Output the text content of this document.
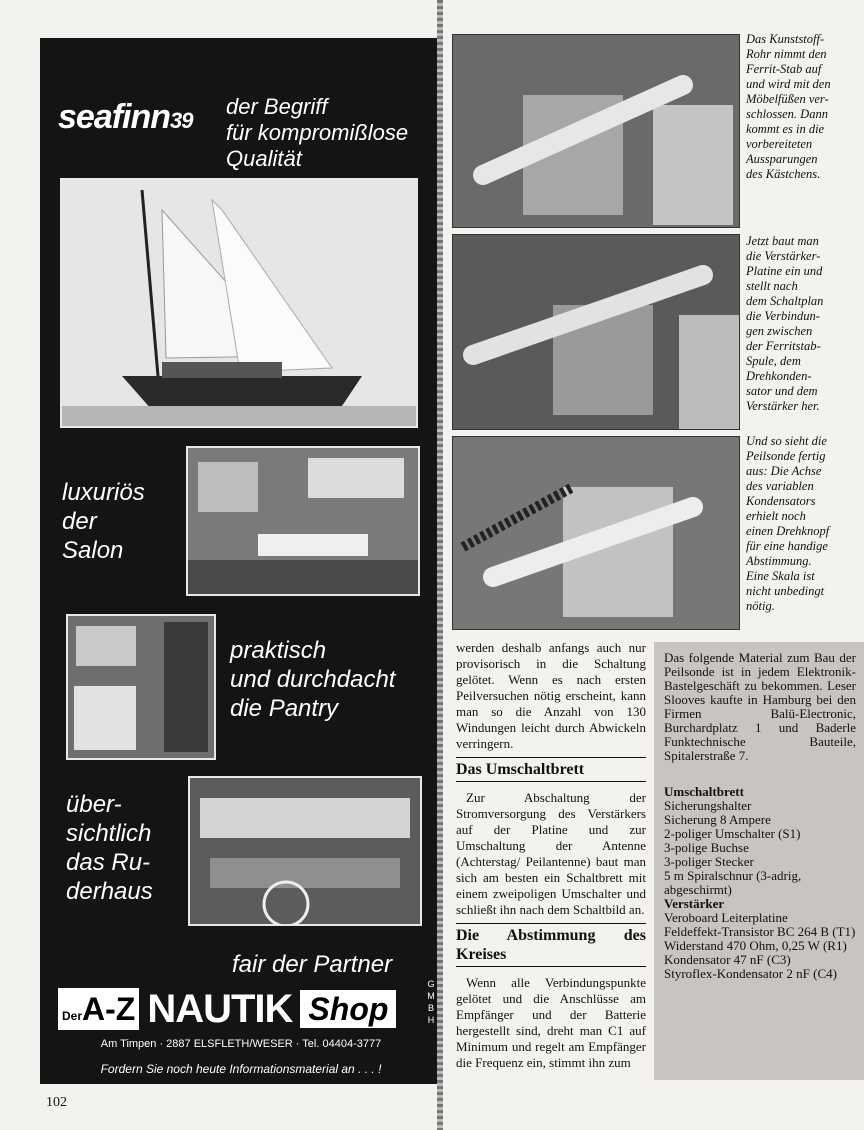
seafinn39
der Begriff
für kompromißlose
Qualität
luxuriös
der
Salon
praktisch
und durchdacht
die Pantry
über-
sichtlich
das Ru-
derhaus
fair der Partner
DerA-Z NAUTIK Shop
G
M
B
H
Am Timpen · 2887 ELSFLETH/WESER · Tel. 04404-3777
Fordern Sie noch heute Informationsmaterial an . . . !
102
Das Kunststoff-
Rohr nimmt den
Ferrit-Stab auf
und wird mit den
Möbelfüßen ver-
schlossen. Dann
kommt es in die
vorbereiteten
Aussparungen
des Kästchens.
Jetzt baut man
die Verstärker-
Platine ein und
stellt nach
dem Schaltplan
die Verbindun-
gen zwischen
der Ferritstab-
Spule, dem
Drehkonden-
sator und dem
Verstärker her.
Und so sieht die
Peilsonde fertig
aus: Die Achse
des variablen
Kondensators
erhielt noch
einen Drehknopf
für eine handige
Abstimmung.
Eine Skala ist
nicht unbedingt
nötig.

werden deshalb anfangs auch nur provisorisch in die Schaltung gelötet. Wenn es nach ersten Peilversuchen nötig erscheint, kann man so die Anzahl von 130 Windungen leicht durch Abwickeln verringern.

Das Umschaltbrett

Zur Abschaltung der Stromversorgung des Verstärkers auf der Platine und zur Umschaltung der Antenne (Achterstag/ Peilantenne) baut man sich am besten ein Schaltbrett mit einem zweipoligen Umschalter und schließt ihn nach dem Schaltbild an.

Die Abstimmung des Kreises

Wenn alle Verbindungspunkte gelötet und die Anschlüsse am Empfänger und der Batterie hergestellt sind, dreht man C1 auf Minimum und regelt am Empfänger die Frequenz ein, stimmt ihn zum

Das folgende Material zum Bau der Peilsonde ist in jedem Elektronik-Bastelgeschäft zu bekommen. Leser Slooves kaufte in Hamburg bei den Firmen Balü-Electronic, Burchardplatz 1 und Baderle Funktechnische Bauteile, Spitalerstraße 7.
Umschaltbrett
Sicherungshalter
Sicherung 8 Ampere
2-poliger Umschalter (S1)
3-polige Buchse
3-poliger Stecker
5 m Spiralschnur (3-adrig, abgeschirmt)
Verstärker
Veroboard Leiterplatine
Feldeffekt-Transistor BC 264 B (T1)
Widerstand 470 Ohm, 0,25 W (R1)
Kondensator 47 nF (C3)
Styroflex-Kondensator 2 nF (C4)
